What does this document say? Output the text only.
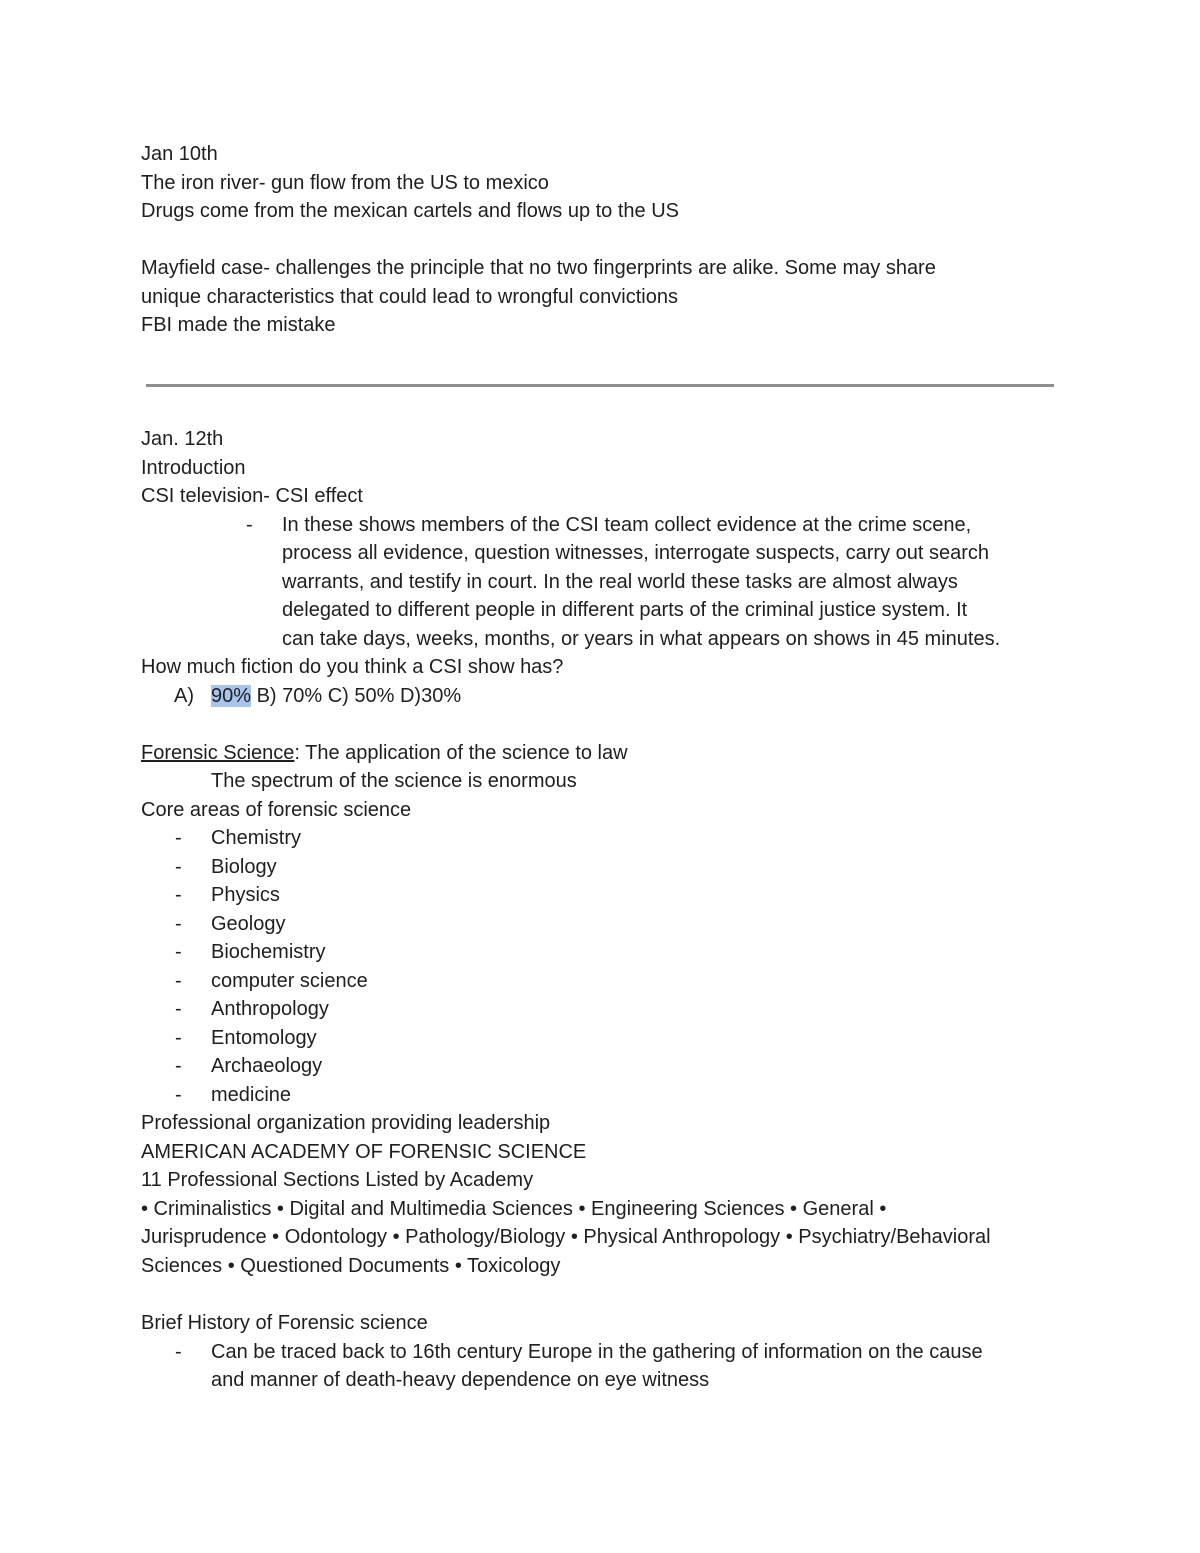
Jan 10th
The iron river- gun flow from the US to mexico
Drugs come from the mexican cartels and flows up to the US
Mayfield case- challenges the principle that no two fingerprints are alike. Some may share
unique characteristics that could lead to wrongful convictions
FBI made the mistake
Jan. 12th
Introduction
CSI television- CSI effect
- In these shows members of the CSI team collect evidence at the crime scene,
process all evidence, question witnesses, interrogate suspects, carry out search
warrants, and testify in court. In the real world these tasks are almost always
delegated to different people in different parts of the criminal justice system. It
can take days, weeks, months, or years in what appears on shows in 45 minutes.
How much fiction do you think a CSI show has?
A) 90% B) 70% C) 50% D)30%
Forensic Science: The application of the science to law
The spectrum of the science is enormous
Core areas of forensic science
- Chemistry
- Biology
- Physics
- Geology
- Biochemistry
- computer science
- Anthropology
- Entomology
- Archaeology
- medicine
Professional organization providing leadership
AMERICAN ACADEMY OF FORENSIC SCIENCE
11 Professional Sections Listed by Academy
• Criminalistics • Digital and Multimedia Sciences • Engineering Sciences • General •
Jurisprudence • Odontology • Pathology/Biology • Physical Anthropology • Psychiatry/Behavioral
Sciences • Questioned Documents • Toxicology
Brief History of Forensic science
- Can be traced back to 16th century Europe in the gathering of information on the cause
and manner of death-heavy dependence on eye witness
